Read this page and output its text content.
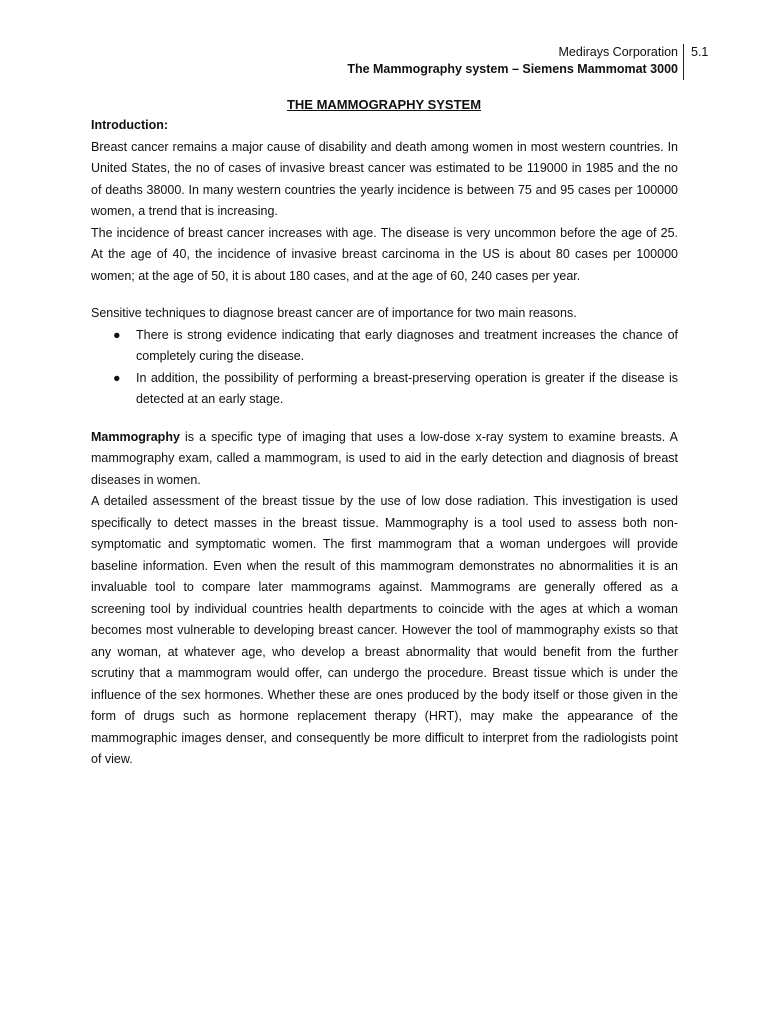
Medirays Corporation
The Mammography system – Siemens Mammomat 3000
5.1
THE MAMMOGRAPHY SYSTEM

Introduction:

Breast cancer remains a major cause of disability and death among women in most western countries. In United States, the no of cases of invasive breast cancer was estimated to be 119000 in 1985 and the no of deaths 38000. In many western countries the yearly incidence is between 75 and 95 cases per 100000 women, a trend that is increasing.

The incidence of breast cancer increases with age. The disease is very uncommon before the age of 25. At the age of 40, the incidence of invasive breast carcinoma in the US is about 80 cases per 100000 women; at the age of 50, it is about 180 cases, and at the age of 60, 240 cases per year.

Sensitive techniques to diagnose breast cancer are of importance for two main reasons.

● There is strong evidence indicating that early diagnoses and treatment increases the chance of completely curing the disease.
● In addition, the possibility of performing a breast-preserving operation is greater if the disease is detected at an early stage.

Mammography is a specific type of imaging that uses a low-dose x-ray system to examine breasts. A mammography exam, called a mammogram, is used to aid in the early detection and diagnosis of breast diseases in women.

A detailed assessment of the breast tissue by the use of low dose radiation. This investigation is used specifically to detect masses in the breast tissue. Mammography is a tool used to assess both non-symptomatic and symptomatic women. The first mammogram that a woman undergoes will provide baseline information. Even when the result of this mammogram demonstrates no abnormalities it is an invaluable tool to compare later mammograms against. Mammograms are generally offered as a screening tool by individual countries health departments to coincide with the ages at which a woman becomes most vulnerable to developing breast cancer. However the tool of mammography exists so that any woman, at whatever age, who develop a breast abnormality that would benefit from the further scrutiny that a mammogram would offer, can undergo the procedure. Breast tissue which is under the influence of the sex hormones. Whether these are ones produced by the body itself or those given in the form of drugs such as hormone replacement therapy (HRT), may make the appearance of the mammographic images denser, and consequently be more difficult to interpret from the radiologists point of view.
